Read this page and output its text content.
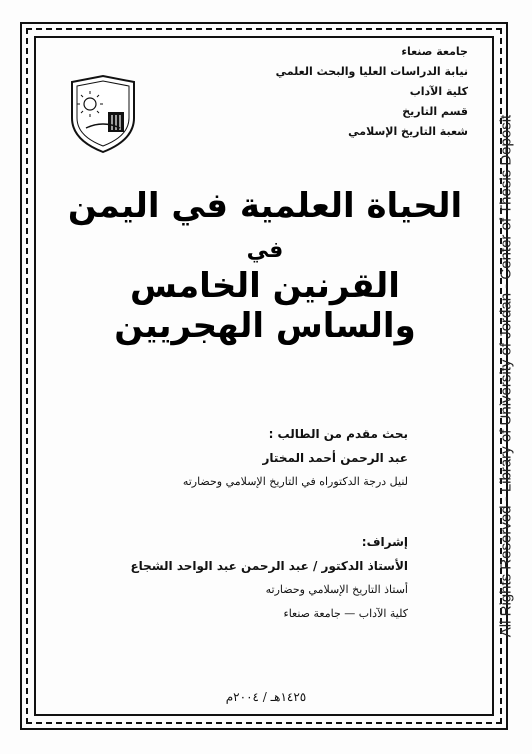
جامعة صنعاء
نيابة الدراسات العليا والبحث العلمي
كلية الآداب
قسم التاريخ
شعبة التاريخ الإسلامي
الحياة العلمية في اليمن
في
القرنين الخامس والساس الهجريين
بحث مقدم من الطالب :
عبد الرحمن أحمد المختار
لنيل درجة الدكتوراه في التاريخ الإسلامي وحضارته
إشراف:
الأستاذ الدكتور / عبد الرحمن عبد الواحد الشجاع
أستاذ التاريخ الإسلامي وحضارته
كلية الآداب — جامعة صنعاء
١٤٢٥هـ / ٢٠٠٤م
All Rights Reserved - Library of University of Jordan - Center of Thesis Deposit
